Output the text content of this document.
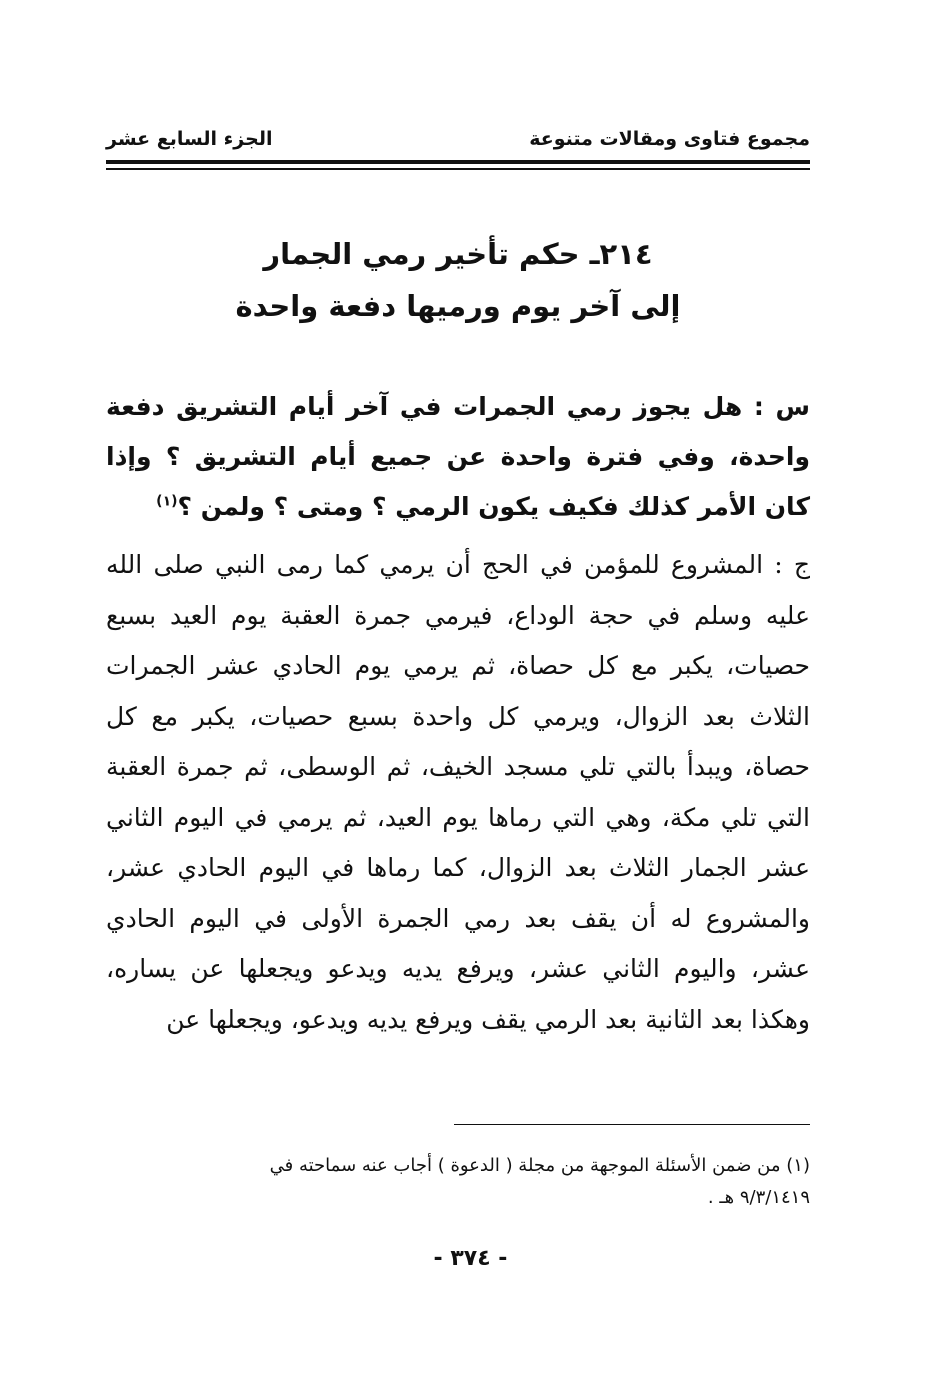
مجموع فتاوى ومقالات متنوعة
الجزء السابع عشر
٢١٤ـ حكم تأخير رمي الجمار
إلى آخر يوم ورميها دفعة واحدة

س : هل يجوز رمي الجمرات في آخر أيام التشريق دفعة واحدة، وفي فترة واحدة عن جميع أيام التشريق ؟ وإذا كان الأمر كذلك فكيف يكون الرمي ؟ ومتى ؟ ولمن ؟$^{(١)}$

ج : المشروع للمؤمن في الحج أن يرمي كما رمى النبي صلى الله عليه وسلم في حجة الوداع، فيرمي جمرة العقبة يوم العيد بسبع حصيات، يكبر مع كل حصاة، ثم يرمي يوم الحادي عشر الجمرات الثلاث بعد الزوال، ويرمي كل واحدة بسبع حصيات، يكبر مع كل حصاة، ويبدأ بالتي تلي مسجد الخيف، ثم الوسطى، ثم جمرة العقبة التي تلي مكة، وهي التي رماها يوم العيد، ثم يرمي في اليوم الثاني عشر الجمار الثلاث بعد الزوال، كما رماها في اليوم الحادي عشر، والمشروع له أن يقف بعد رمي الجمرة الأولى في اليوم الحادي عشر، واليوم الثاني عشر، ويرفع يديه ويدعو ويجعلها عن يساره، وهكذا بعد الثانية بعد الرمي يقف ويرفع يديه ويدعو، ويجعلها عن

(١) من ضمن الأسئلة الموجهة من مجلة ( الدعوة ) أجاب عنه سماحته في
٩/٣/١٤١٩ هـ .
- ٣٧٤ -
